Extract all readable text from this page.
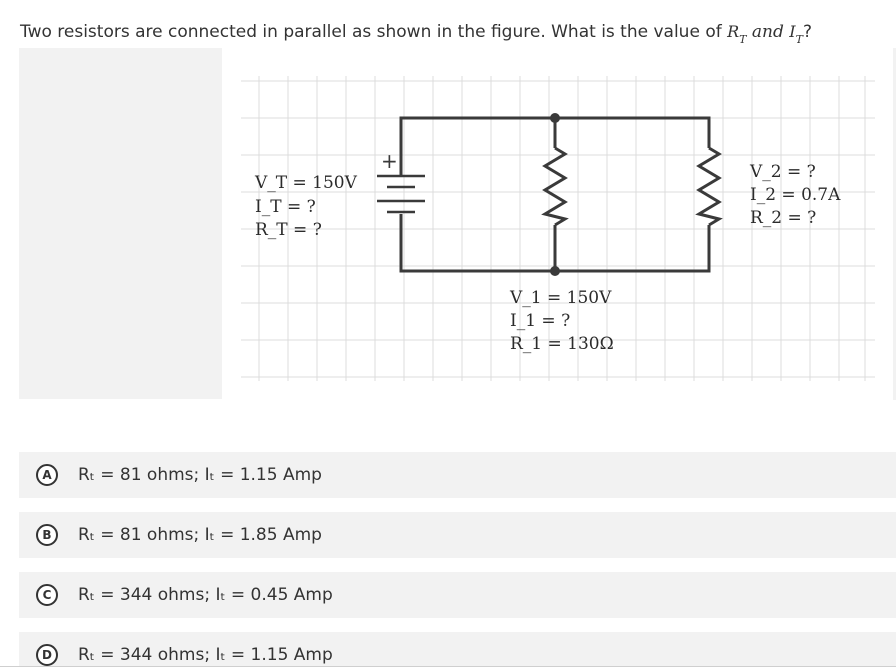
Two resistors are connected in parallel as shown in the figure. What is the value of $R_T$ and $I_T$?
+
V_T = 150V
I_T = ?
R_T = ?
V_2 = ?
I_2 = 0.7A
R_2 = ?
V_1 = 150V
I_1 = ?
R_1 = 130Ω
A	Rₜ = 81 ohms; Iₜ = 1.15 Amp
B	Rₜ = 81 ohms; Iₜ = 1.85 Amp
C	Rₜ = 344 ohms; Iₜ = 0.45 Amp
D	Rₜ = 344 ohms; Iₜ = 1.15 Amp
